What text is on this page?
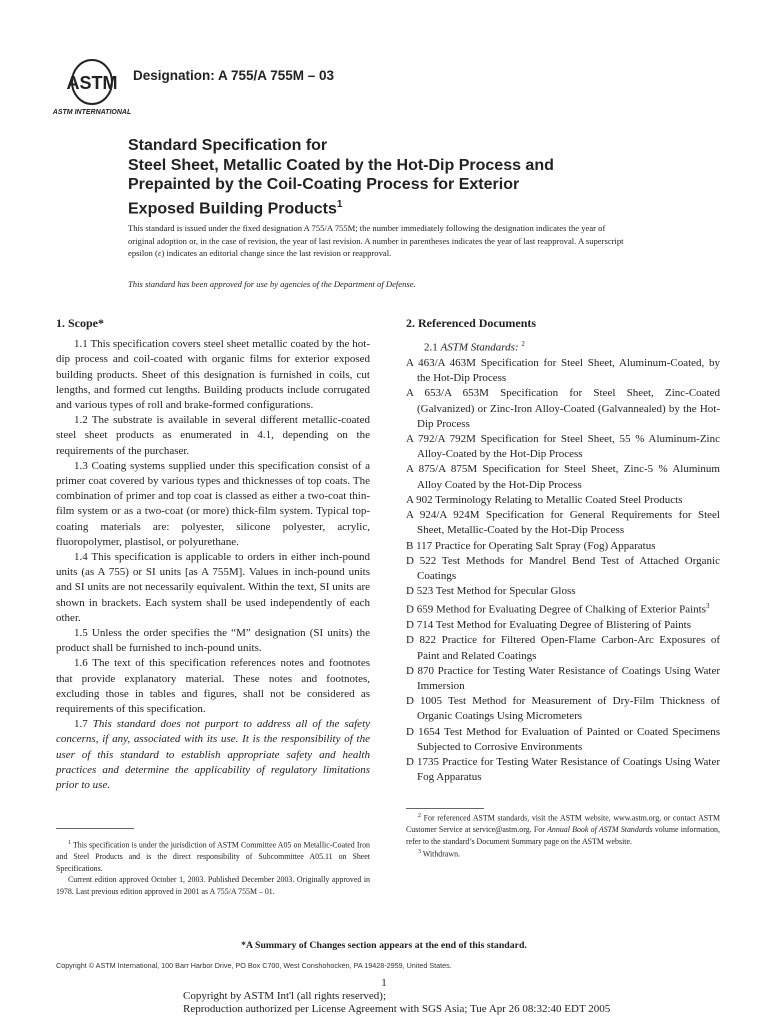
ASTM
ASTM INTERNATIONAL
Designation: A 755/A 755M – 03
Standard Specification for
Steel Sheet, Metallic Coated by the Hot-Dip Process and
Prepainted by the Coil-Coating Process for Exterior
Exposed Building Products$^1$
This standard is issued under the fixed designation A 755/A 755M; the number immediately following the designation indicates the year of original adoption or, in the case of revision, the year of last revision. A number in parentheses indicates the year of last reapproval. A superscript epsilon (ε) indicates an editorial change since the last revision or reapproval.
This standard has been approved for use by agencies of the Department of Defense.

1. Scope*

1.1 This specification covers steel sheet metallic coated by the hot-dip process and coil-coated with organic films for exterior exposed building products. Sheet of this designation is furnished in coils, cut lengths, and formed cut lengths. Building products include corrugated and various types of roll and brake-formed configurations.

1.2 The substrate is available in several different metallic-coated steel sheet products as enumerated in 4.1, depending on the requirements of the purchaser.

1.3 Coating systems supplied under this specification consist of a primer coat covered by various types and thicknesses of top coats. The combination of primer and top coat is classed as either a two-coat thin-film system or as a two-coat (or more) thick-film system. Typical top-coating materials are: polyester, silicone polyester, acrylic, fluoropolymer, plastisol, or polyurethane.

1.4 This specification is applicable to orders in either inch-pound units (as A 755) or SI units [as A 755M]. Values in inch-pound units and SI units are not necessarily equivalent. Within the text, SI units are shown in brackets. Each system shall be used independently of each other.

1.5 Unless the order specifies the “M” designation (SI units) the product shall be furnished to inch-pound units.

1.6 The text of this specification references notes and footnotes that provide explanatory material. These notes and footnotes, excluding those in tables and figures, shall not be considered as requirements of this specification.

1.7 This standard does not purport to address all of the safety concerns, if any, associated with its use. It is the responsibility of the user of this standard to establish appropriate safety and health practices and determine the applicability of regulatory limitations prior to use.

2. Referenced Documents

2.1 ASTM Standards: $^2$

A 463/A 463M Specification for Steel Sheet, Aluminum-Coated, by the Hot-Dip Process

A 653/A 653M Specification for Steel Sheet, Zinc-Coated (Galvanized) or Zinc-Iron Alloy-Coated (Galvannealed) by the Hot-Dip Process

A 792/A 792M Specification for Steel Sheet, 55 % Aluminum-Zinc Alloy-Coated by the Hot-Dip Process

A 875/A 875M Specification for Steel Sheet, Zinc-5 % Aluminum Alloy Coated by the Hot-Dip Process

A 902 Terminology Relating to Metallic Coated Steel Products

A 924/A 924M Specification for General Requirements for Steel Sheet, Metallic-Coated by the Hot-Dip Process

B 117 Practice for Operating Salt Spray (Fog) Apparatus

D 522 Test Methods for Mandrel Bend Test of Attached Organic Coatings

D 523 Test Method for Specular Gloss

D 659 Method for Evaluating Degree of Chalking of Exterior Paints$^3$

D 714 Test Method for Evaluating Degree of Blistering of Paints

D 822 Practice for Filtered Open-Flame Carbon-Arc Exposures of Paint and Related Coatings

D 870 Practice for Testing Water Resistance of Coatings Using Water Immersion

D 1005 Test Method for Measurement of Dry-Film Thickness of Organic Coatings Using Micrometers

D 1654 Test Method for Evaluation of Painted or Coated Specimens Subjected to Corrosive Environments

D 1735 Practice for Testing Water Resistance of Coatings Using Water Fog Apparatus

$^1$ This specification is under the jurisdiction of ASTM Committee A05 on Metallic-Coated Iron and Steel Products and is the direct responsibility of Subcommittee A05.11 on Sheet Specifications.

Current edition approved October 1, 2003. Published December 2003. Originally approved in 1978. Last previous edition approved in 2001 as A 755/A 755M – 01.

$^2$ For referenced ASTM standards, visit the ASTM website, www.astm.org, or contact ASTM Customer Service at service@astm.org. For Annual Book of ASTM Standards volume information, refer to the standard’s Document Summary page on the ASTM website.

$^3$ Withdrawn.

*A Summary of Changes section appears at the end of this standard.
Copyright © ASTM International, 100 Barr Harbor Drive, PO Box C700, West Conshohocken, PA 19428-2959, United States.
1
Copyright by ASTM Int'l (all rights reserved);
Reproduction authorized per License Agreement with SGS Asia; Tue Apr 26 08:32:40 EDT 2005
